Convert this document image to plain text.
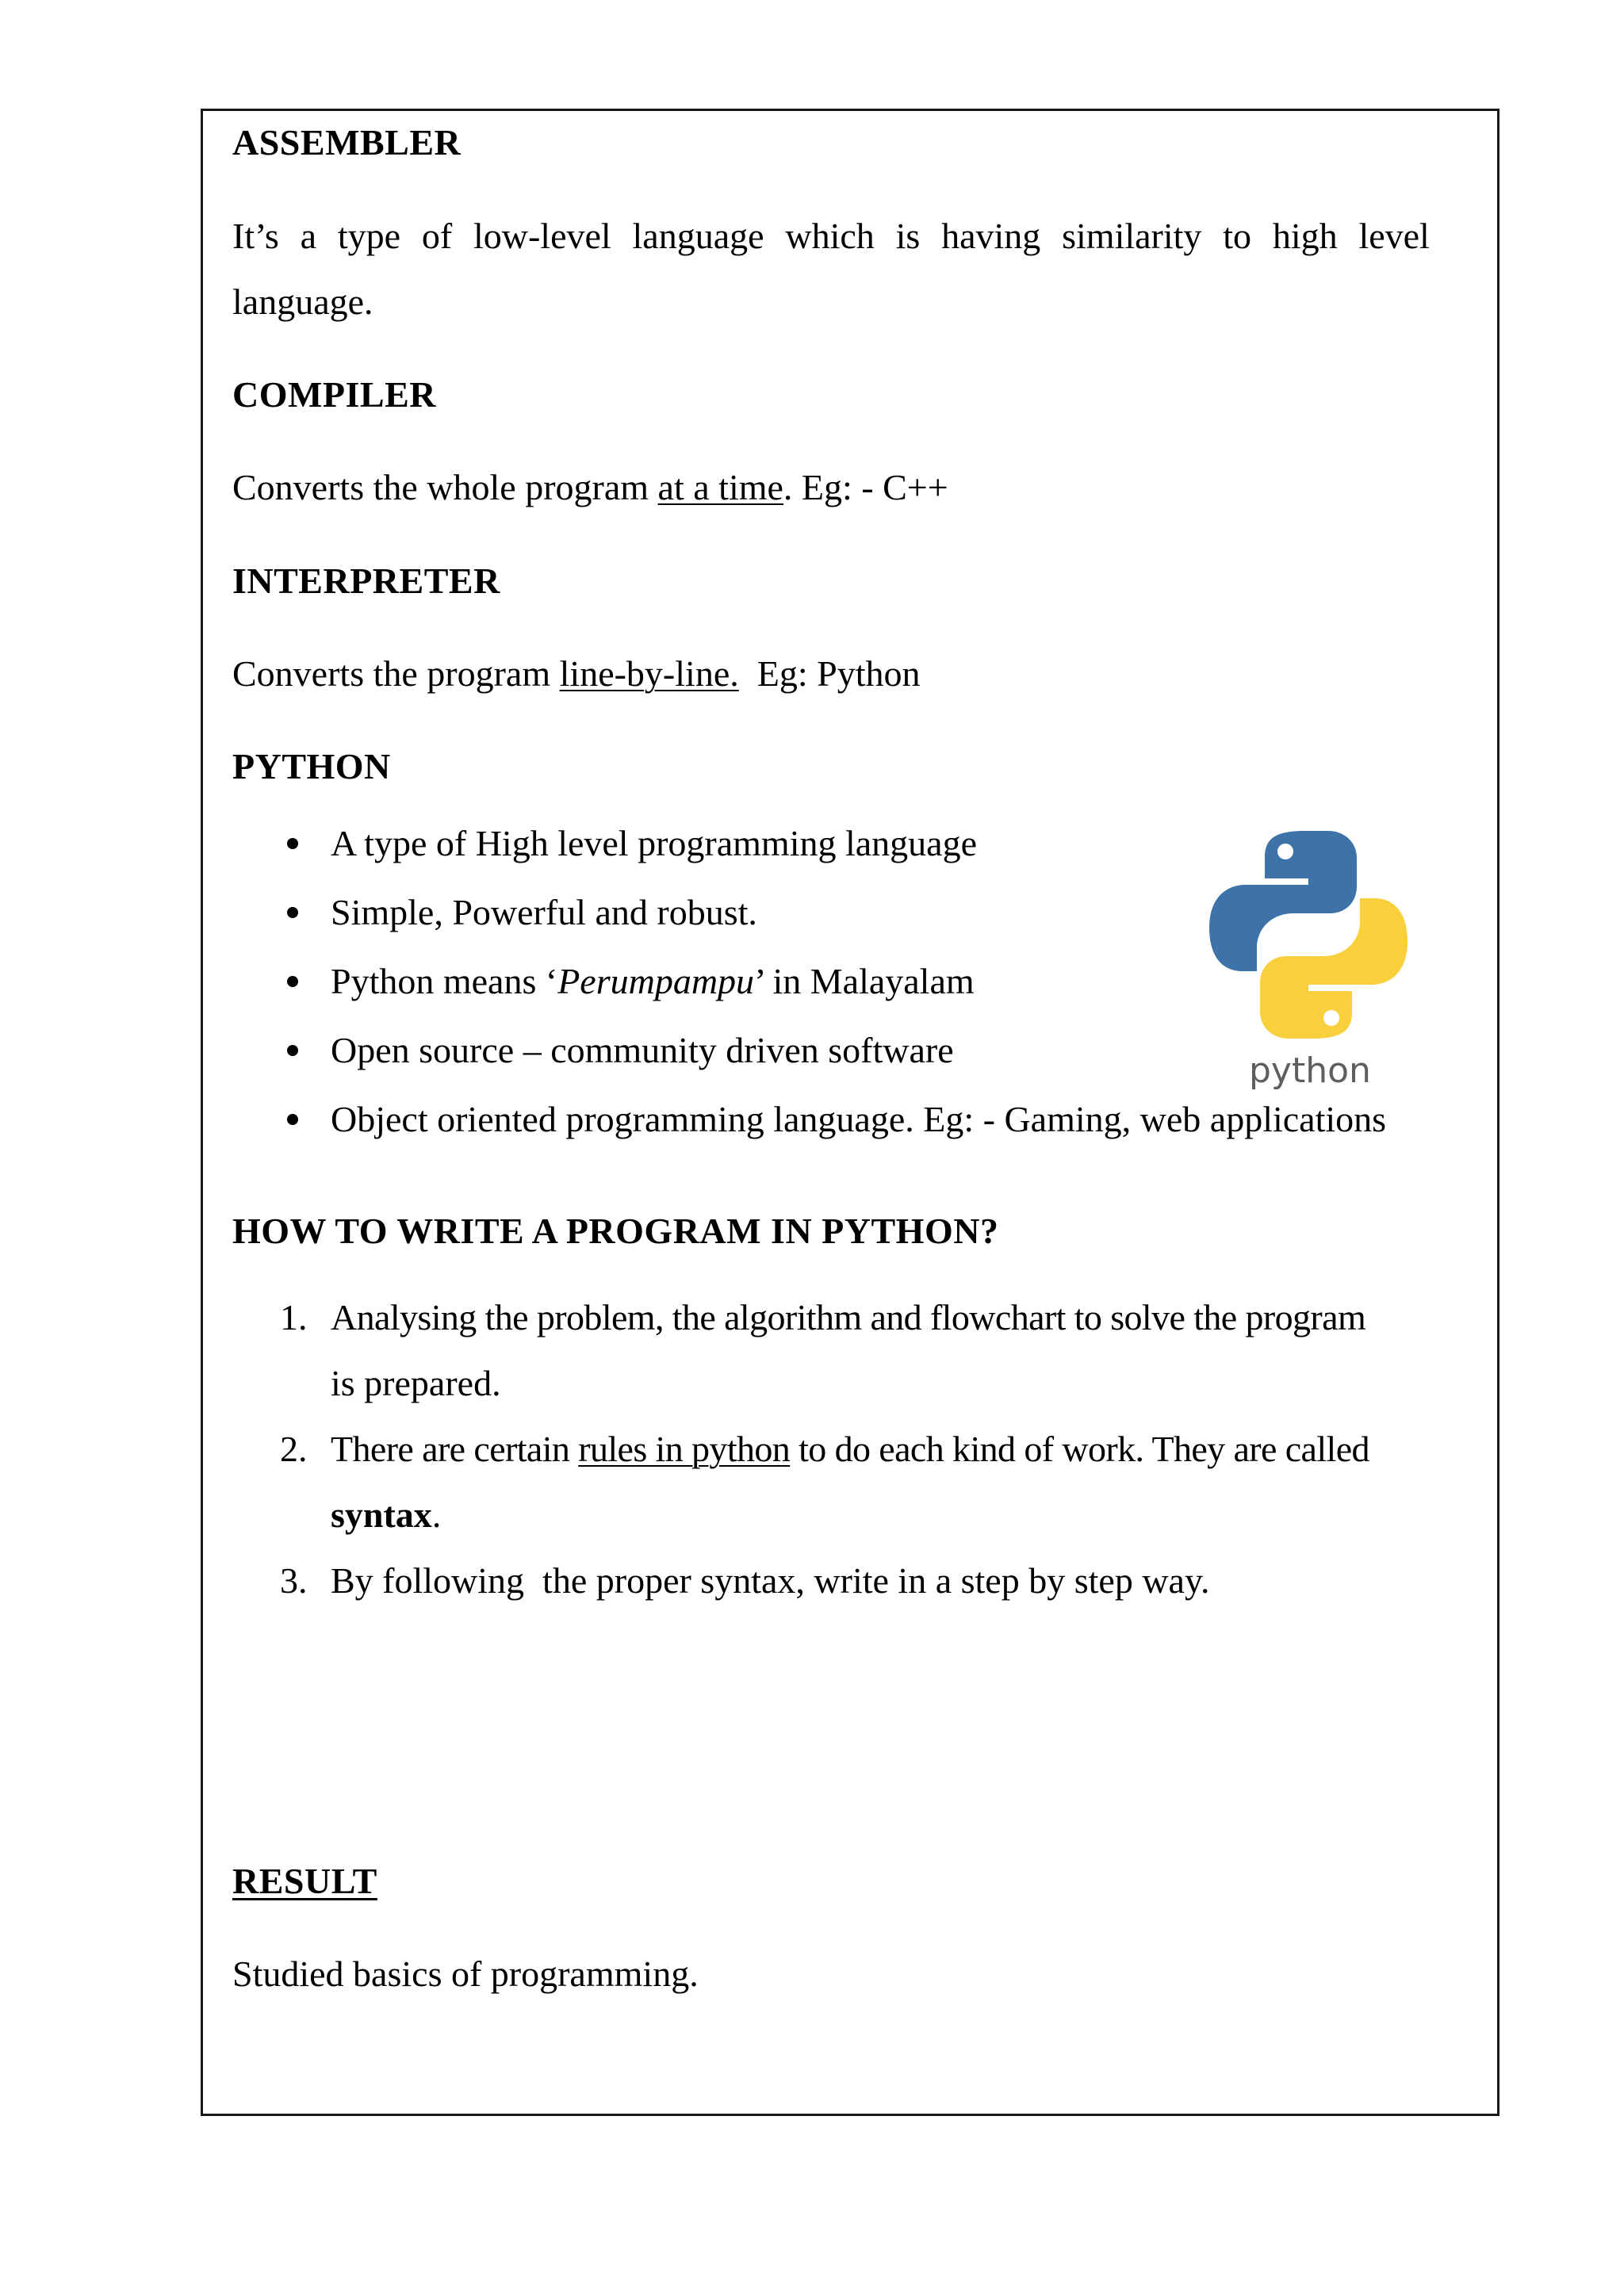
ASSEMBLER

It’s a type of low-level language which is having similarity to high level

language.

COMPILER

Converts the whole program at a time. Eg: - C++

INTERPRETER

Converts the program line-by-line.  Eg: Python

PYTHON

A type of High level programming language
Simple, Powerful and robust.
Python means ‘Perumpampu’ in Malayalam
Open source – community driven software
Object oriented programming language. Eg: - Gaming, web applications

HOW TO WRITE A PROGRAM IN PYTHON?

1. Analysing the problem, the algorithm and flowchart to solve the program
is prepared.
2. There are certain rules in python to do each kind of work. They are called
syntax.
3. By following  the proper syntax, write in a step by step way.

RESULT

Studied basics of programming.

python
